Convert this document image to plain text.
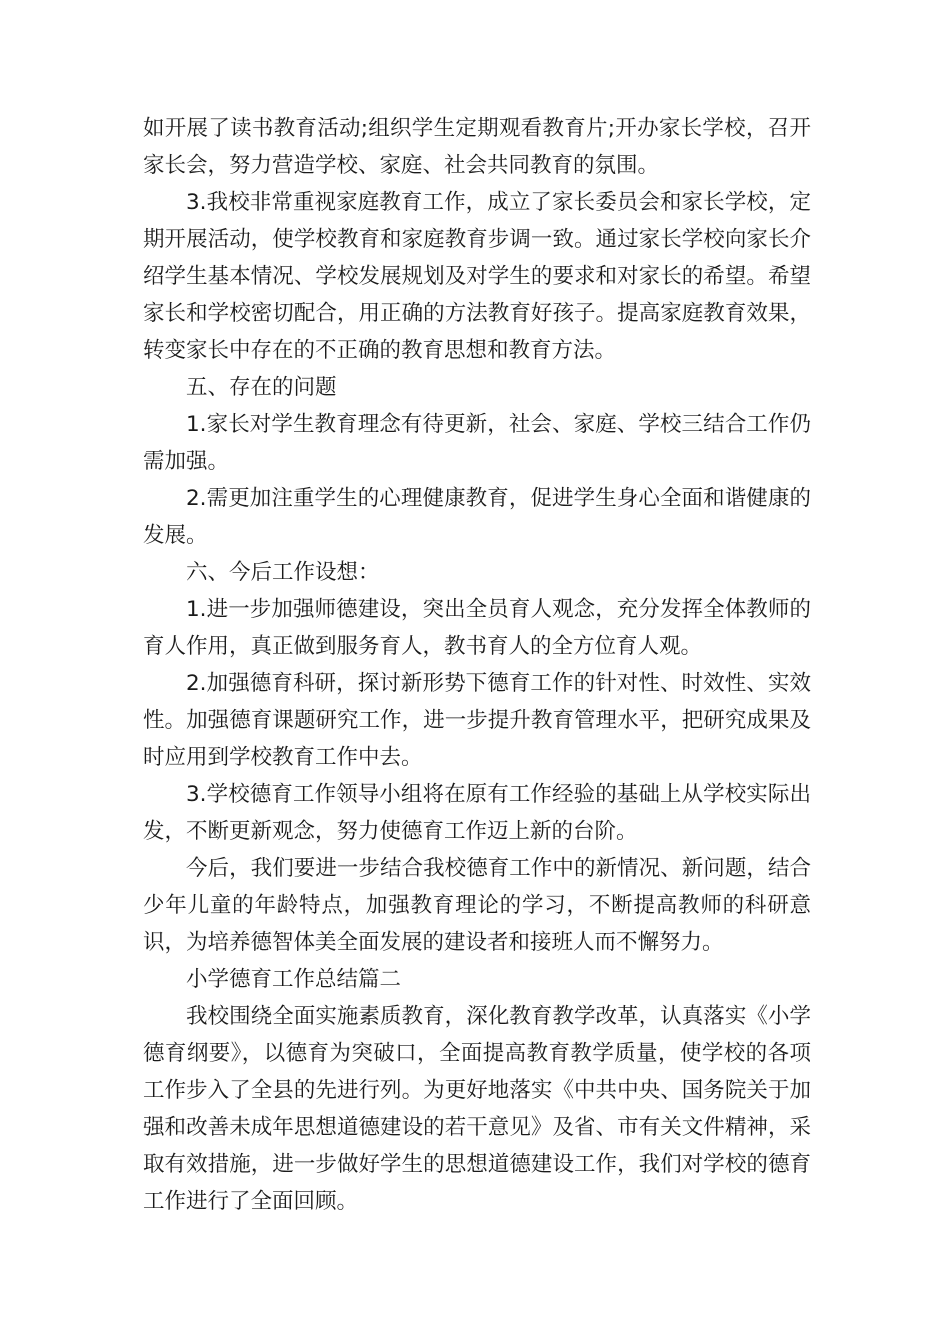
如开展了读书教育活动;组织学生定期观看教育片;开办家长学校，召开家长会，努力营造学校、家庭、社会共同教育的氛围。

3.我校非常重视家庭教育工作，成立了家长委员会和家长学校，定期开展活动，使学校教育和家庭教育步调一致。通过家长学校向家长介绍学生基本情况、学校发展规划及对学生的要求和对家长的希望。希望家长和学校密切配合，用正确的方法教育好孩子。提高家庭教育效果，转变家长中存在的不正确的教育思想和教育方法。

五、存在的问题

1.家长对学生教育理念有待更新，社会、家庭、学校三结合工作仍需加强。

2.需更加注重学生的心理健康教育，促进学生身心全面和谐健康的发展。

六、今后工作设想：

1.进一步加强师德建设，突出全员育人观念，充分发挥全体教师的育人作用，真正做到服务育人，教书育人的全方位育人观。

2.加强德育科研，探讨新形势下德育工作的针对性、时效性、实效性。加强德育课题研究工作，进一步提升教育管理水平，把研究成果及时应用到学校教育工作中去。

3.学校德育工作领导小组将在原有工作经验的基础上从学校实际出发，不断更新观念，努力使德育工作迈上新的台阶。

今后，我们要进一步结合我校德育工作中的新情况、新问题，结合少年儿童的年龄特点，加强教育理论的学习，不断提高教师的科研意识，为培养德智体美全面发展的建设者和接班人而不懈努力。

小学德育工作总结篇二

我校围绕全面实施素质教育，深化教育教学改革，认真落实《小学德育纲要》，以德育为突破口，全面提高教育教学质量，使学校的各项工作步入了全县的先进行列。为更好地落实《中共中央、国务院关于加强和改善未成年思想道德建设的若干意见》及省、市有关文件精神，采取有效措施，进一步做好学生的思想道德建设工作，我们对学校的德育工作进行了全面回顾。
